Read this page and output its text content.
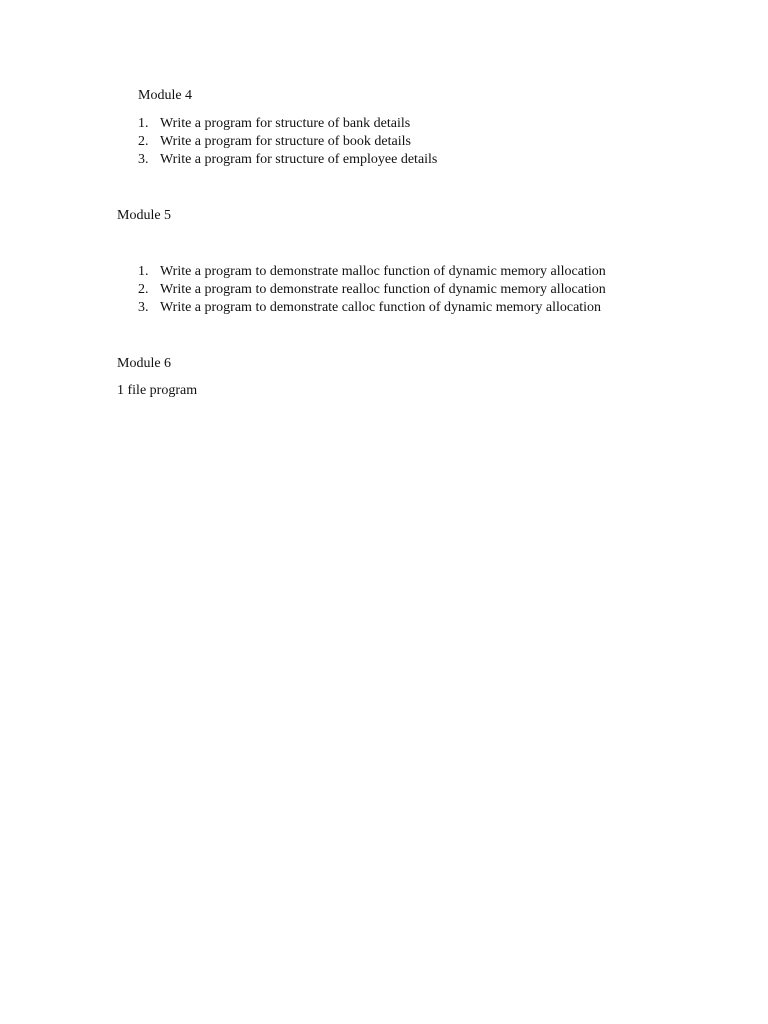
Module 4
1. Write a program for structure of bank details
2. Write a program for structure of book details
3. Write a program for structure of employee details
Module 5
1. Write a program to demonstrate malloc function of dynamic memory allocation
2. Write a program to demonstrate realloc function of dynamic memory allocation
3. Write a program to demonstrate calloc function of dynamic memory allocation
Module 6
1 file program
